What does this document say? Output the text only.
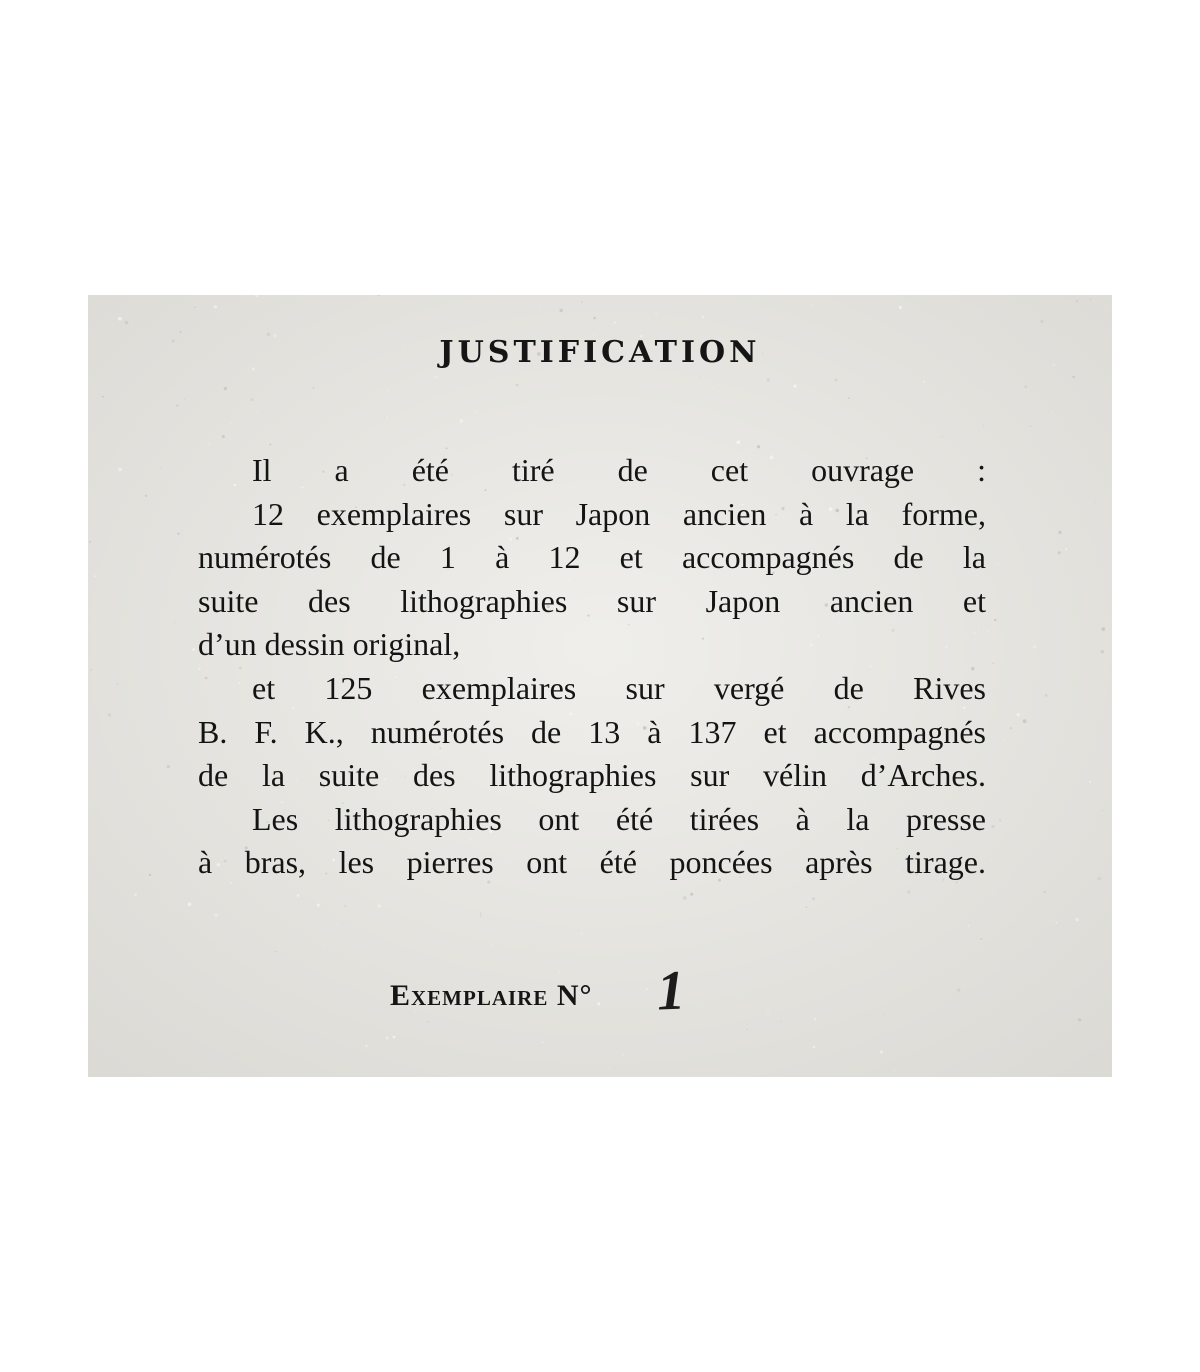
JUSTIFICATION
Il a été tiré de cet ouvrage :
12 exemplaires sur Japon ancien à la forme,
numérotés de 1 à 12 et accompagnés de la
suite des lithographies sur Japon ancien et
d’un dessin original,
et 125 exemplaires sur vergé de Rives
B. F. K., numérotés de 13 à 137 et accompagnés
de la suite des lithographies sur vélin d’Arches.
Les lithographies ont été tirées à la presse
à bras, les pierres ont été poncées après tirage.
Exemplaire N° 1
